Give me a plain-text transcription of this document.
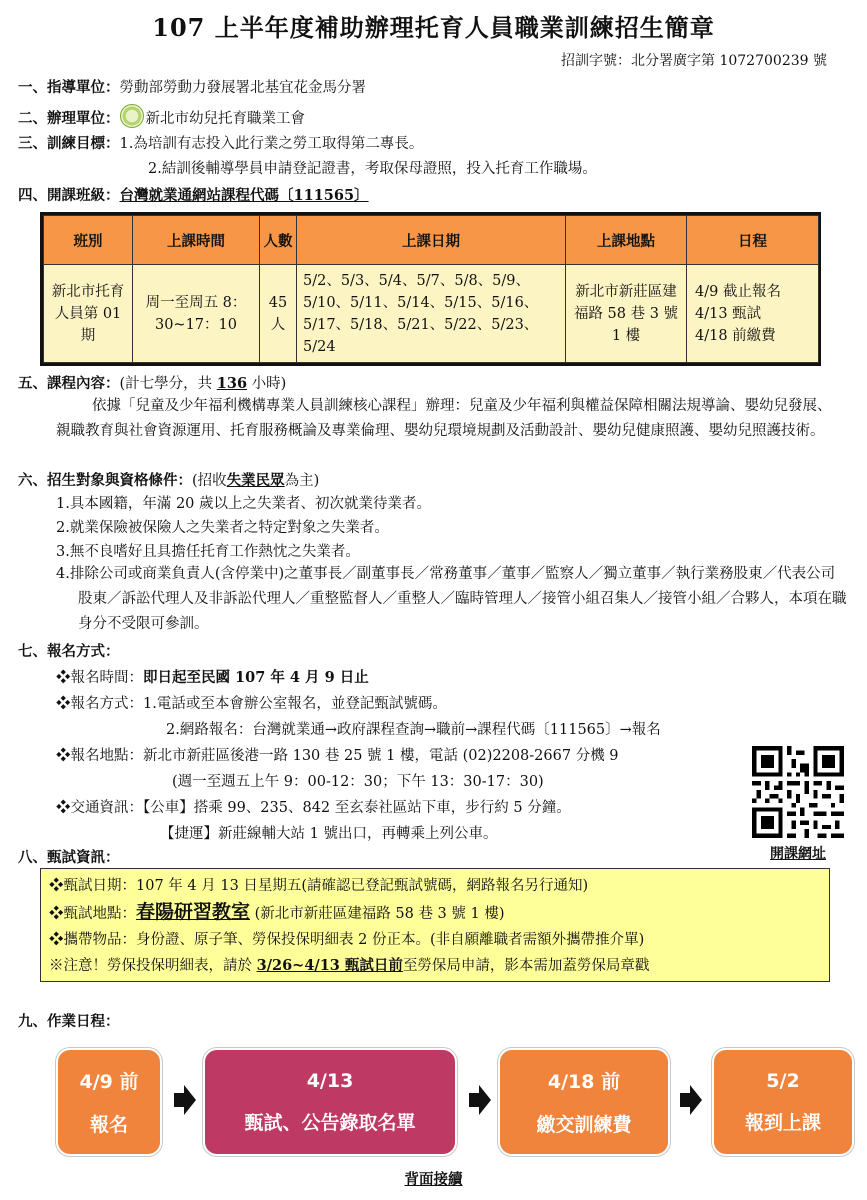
107 上半年度補助辦理托育人員職業訓練招生簡章
招訓字號：北分署廣字第 1072700239 號
一、指導單位：勞動部勞動力發展署北基宜花金馬分署
二、辦理單位： 新北市幼兒托育職業工會
三、訓練目標：1.為培訓有志投入此行業之勞工取得第二專長。
2.結訓後輔導學員申請登記證書，考取保母證照，投入托育工作職場。
四、開課班級：台灣就業通網站課程代碼〔111565〕
班別	上課時間	人數	上課日期	上課地點	日程
新北市托育人員第 01 期	周一至周五 8：30~17：10	45 人	5/2、5/3、5/4、5/7、5/8、5/9、5/10、5/11、5/14、5/15、5/16、5/17、5/18、5/21、5/22、5/23、5/24	新北市新莊區建福路 58 巷 3 號 1 樓	4/9 截止報名
4/13 甄試
4/18 前繳費
五、課程內容：(計七學分，共 136 小時)
依據「兒童及少年福利機構專業人員訓練核心課程」辦理：兒童及少年福利與權益保障相關法規導論、嬰幼兒發展、親職教育與社會資源運用、托育服務概論及專業倫理、嬰幼兒環境規劃及活動設計、嬰幼兒健康照護、嬰幼兒照護技術。
六、招生對象與資格條件：(招收失業民眾為主)
1.具本國籍，年滿 20 歲以上之失業者、初次就業待業者。
2.就業保險被保險人之失業者之特定對象之失業者。
3.無不良嗜好且具擔任托育工作熱忱之失業者。
4.排除公司或商業負責人(含停業中)之董事長／副董事長／常務董事／董事／監察人／獨立董事／執行業務股東／代表公司股東／訴訟代理人及非訴訟代理人／重整監督人／重整人／臨時管理人／接管小組召集人／接管小組／合夥人，本項在職身分不受限可參訓。
七、報名方式：
❖報名時間：即日起至民國 107 年 4 月 9 日止
❖報名方式：1.電話或至本會辦公室報名，並登記甄試號碼。
2.網路報名：台灣就業通→政府課程查詢→職前→課程代碼〔111565〕→報名
❖報名地點：新北市新莊區後港一路 130 巷 25 號 1 樓，電話 (02)2208-2667 分機 9
(週一至週五上午 9：00-12：30；下午 13：30-17：30)
❖交通資訊：【公車】搭乘 99、235、842 至玄泰社區站下車，步行約 5 分鐘。
【捷運】新莊線輔大站 1 號出口，再轉乘上列公車。
開課網址
八、甄試資訊：
❖甄試日期：107 年 4 月 13 日星期五(請確認已登記甄試號碼，網路報名另行通知)
❖甄試地點：春陽研習教室 (新北市新莊區建福路 58 巷 3 號 1 樓)
❖攜帶物品：身份證、原子筆、勞保投保明細表 2 份正本。(非自願離職者需額外攜帶推介單)
※注意！勞保投保明細表，請於 3/26~4/13 甄試日前至勞保局申請，影本需加蓋勞保局章戳
九、作業日程：
4/9 前
報名
4/13
甄試、公告錄取名單
4/18 前
繳交訓練費
5/2
報到上課
背面接續
